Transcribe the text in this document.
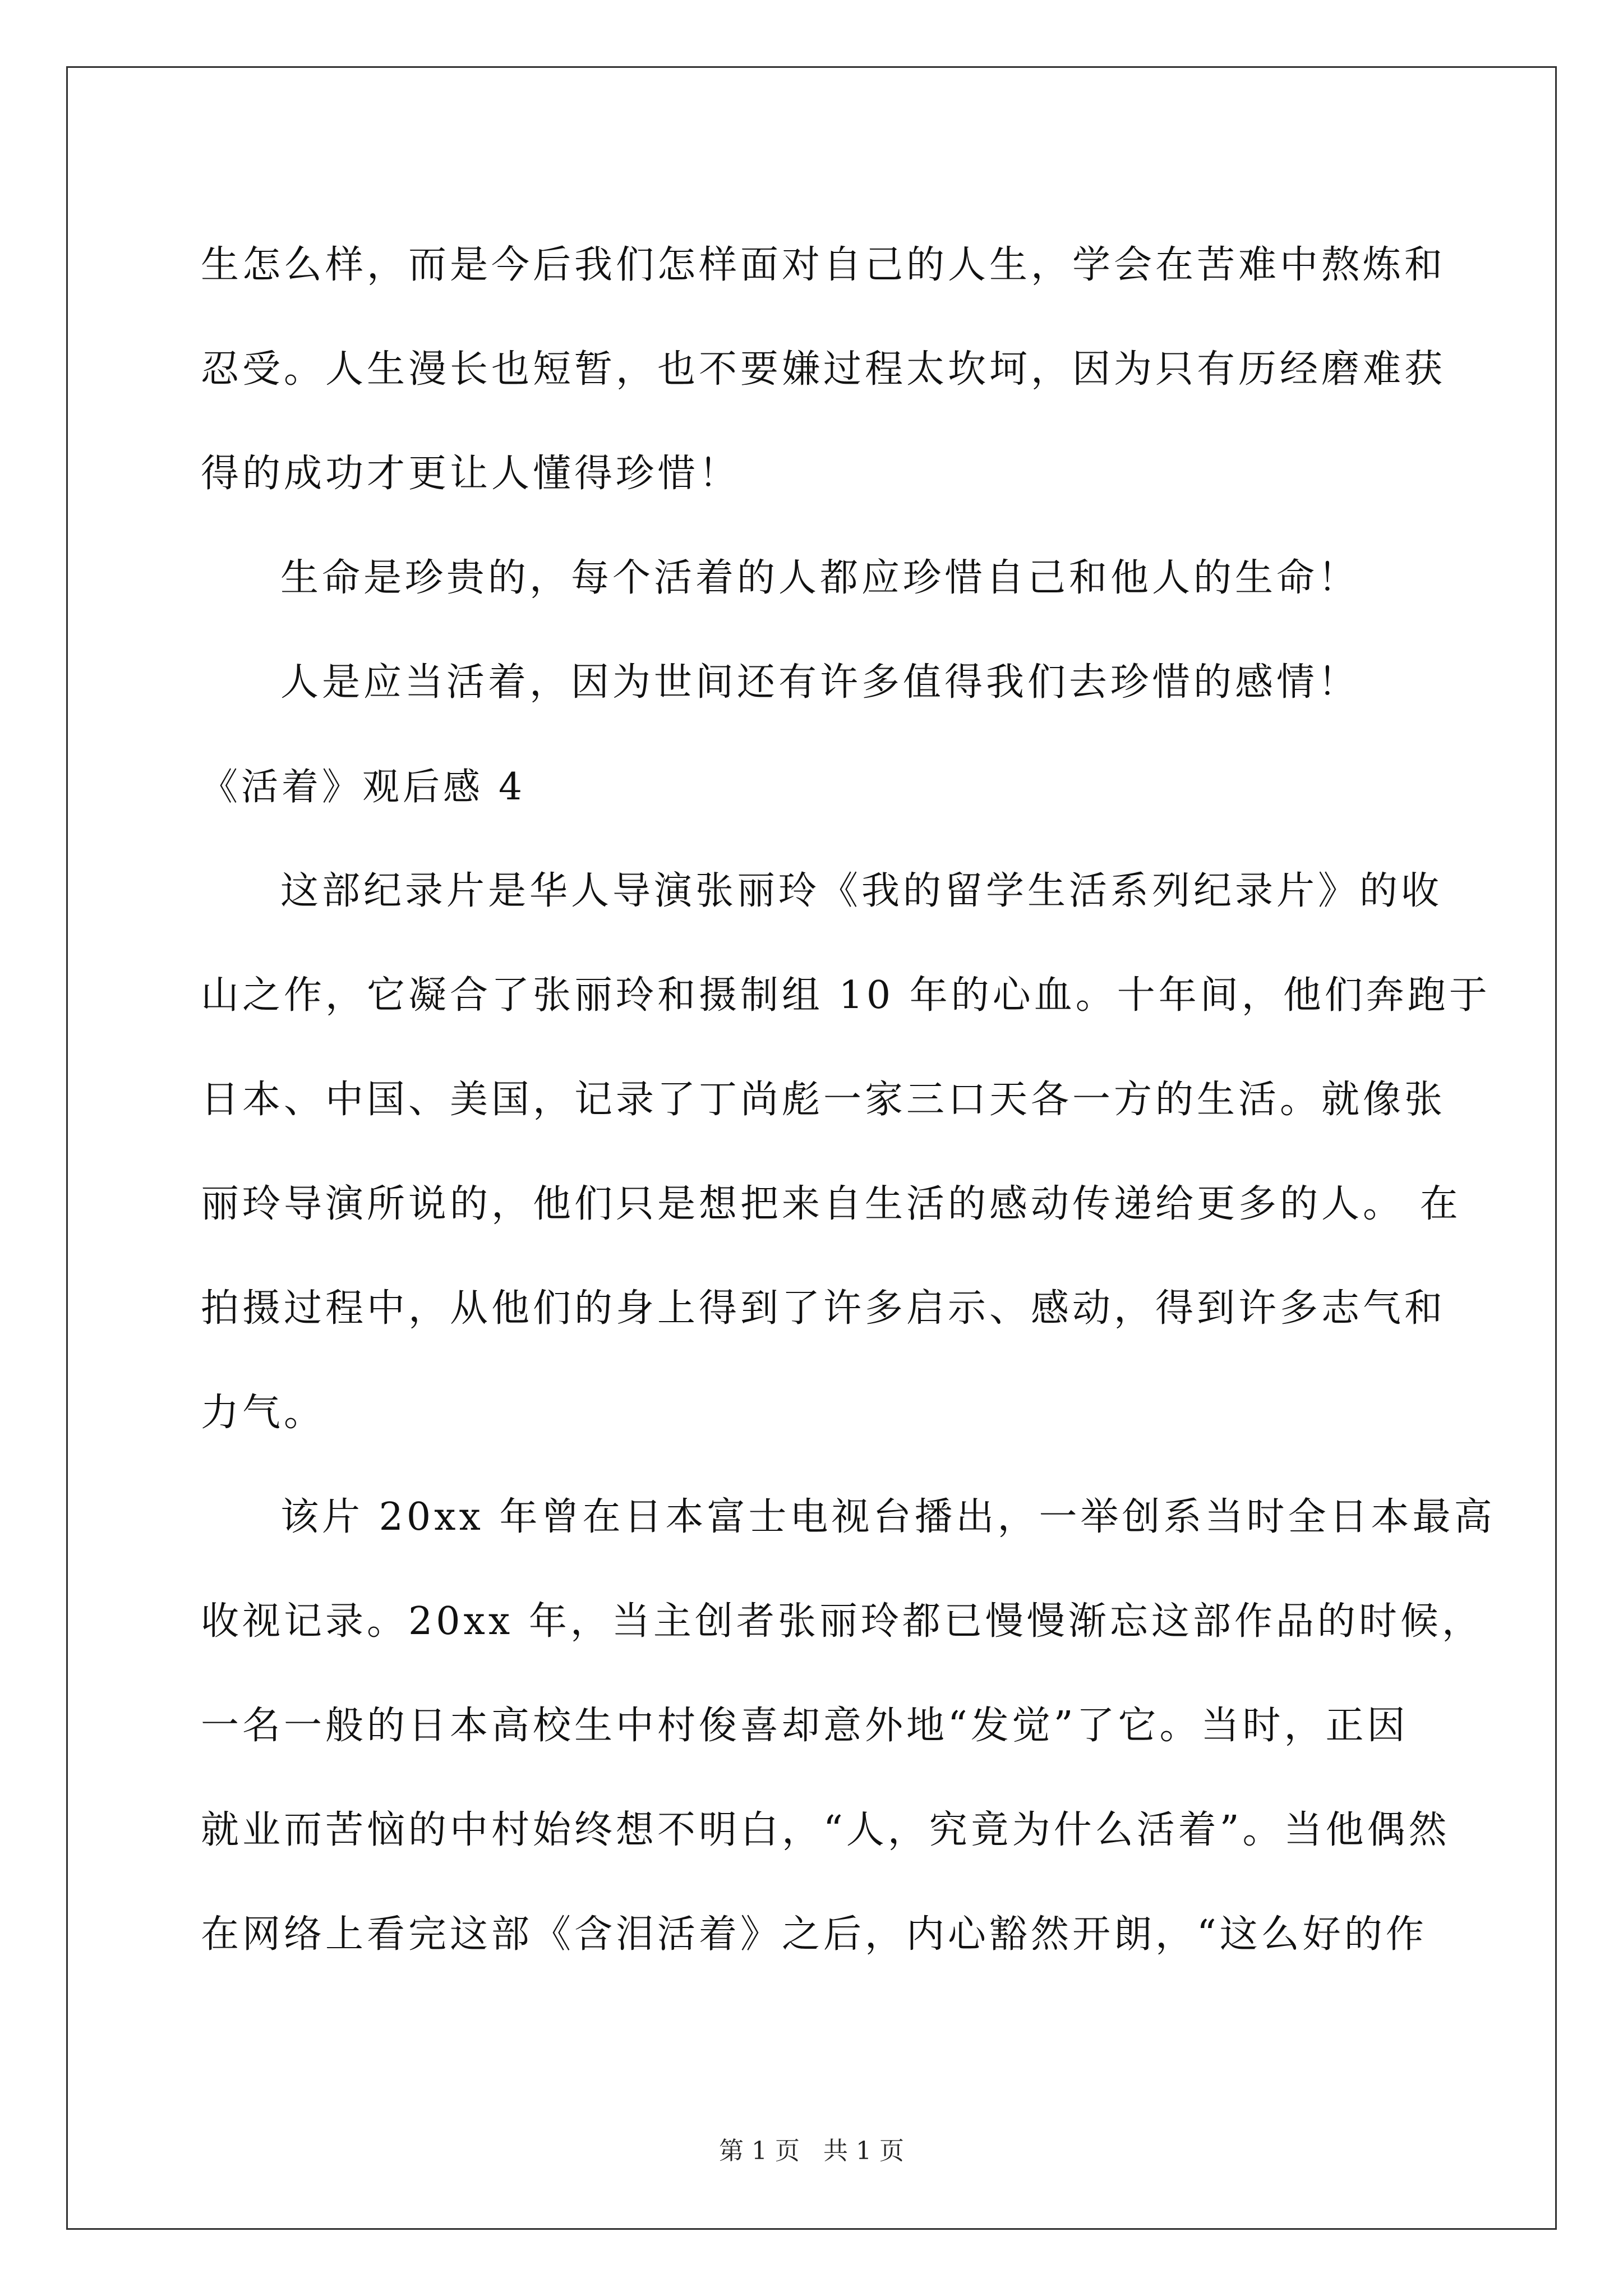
生怎么样，而是今后我们怎样面对自己的人生，学会在苦难中熬炼和
忍受。人生漫长也短暂，也不要嫌过程太坎坷，因为只有历经磨难获
得的成功才更让人懂得珍惜！
生命是珍贵的，每个活着的人都应珍惜自己和他人的生命！
人是应当活着，因为世间还有许多值得我们去珍惜的感情！
《活着》观后感 4
这部纪录片是华人导演张丽玲《我的留学生活系列纪录片》的收
山之作，它凝合了张丽玲和摄制组 10 年的心血。十年间，他们奔跑于
日本、中国、美国，记录了丁尚彪一家三口天各一方的生活。就像张
丽玲导演所说的，他们只是想把来自生活的感动传递给更多的人。 在
拍摄过程中，从他们的身上得到了许多启示、感动，得到许多志气和
力气。
该片 20xx 年曾在日本富士电视台播出，一举创系当时全日本最高
收视记录。20xx 年，当主创者张丽玲都已慢慢渐忘这部作品的时候，
一名一般的日本高校生中村俊喜却意外地“发觉”了它。当时，正因
就业而苦恼的中村始终想不明白，“人，究竟为什么活着”。当他偶然
在网络上看完这部《含泪活着》之后，内心豁然开朗，“这么好的作
第 1 页   共 1 页
